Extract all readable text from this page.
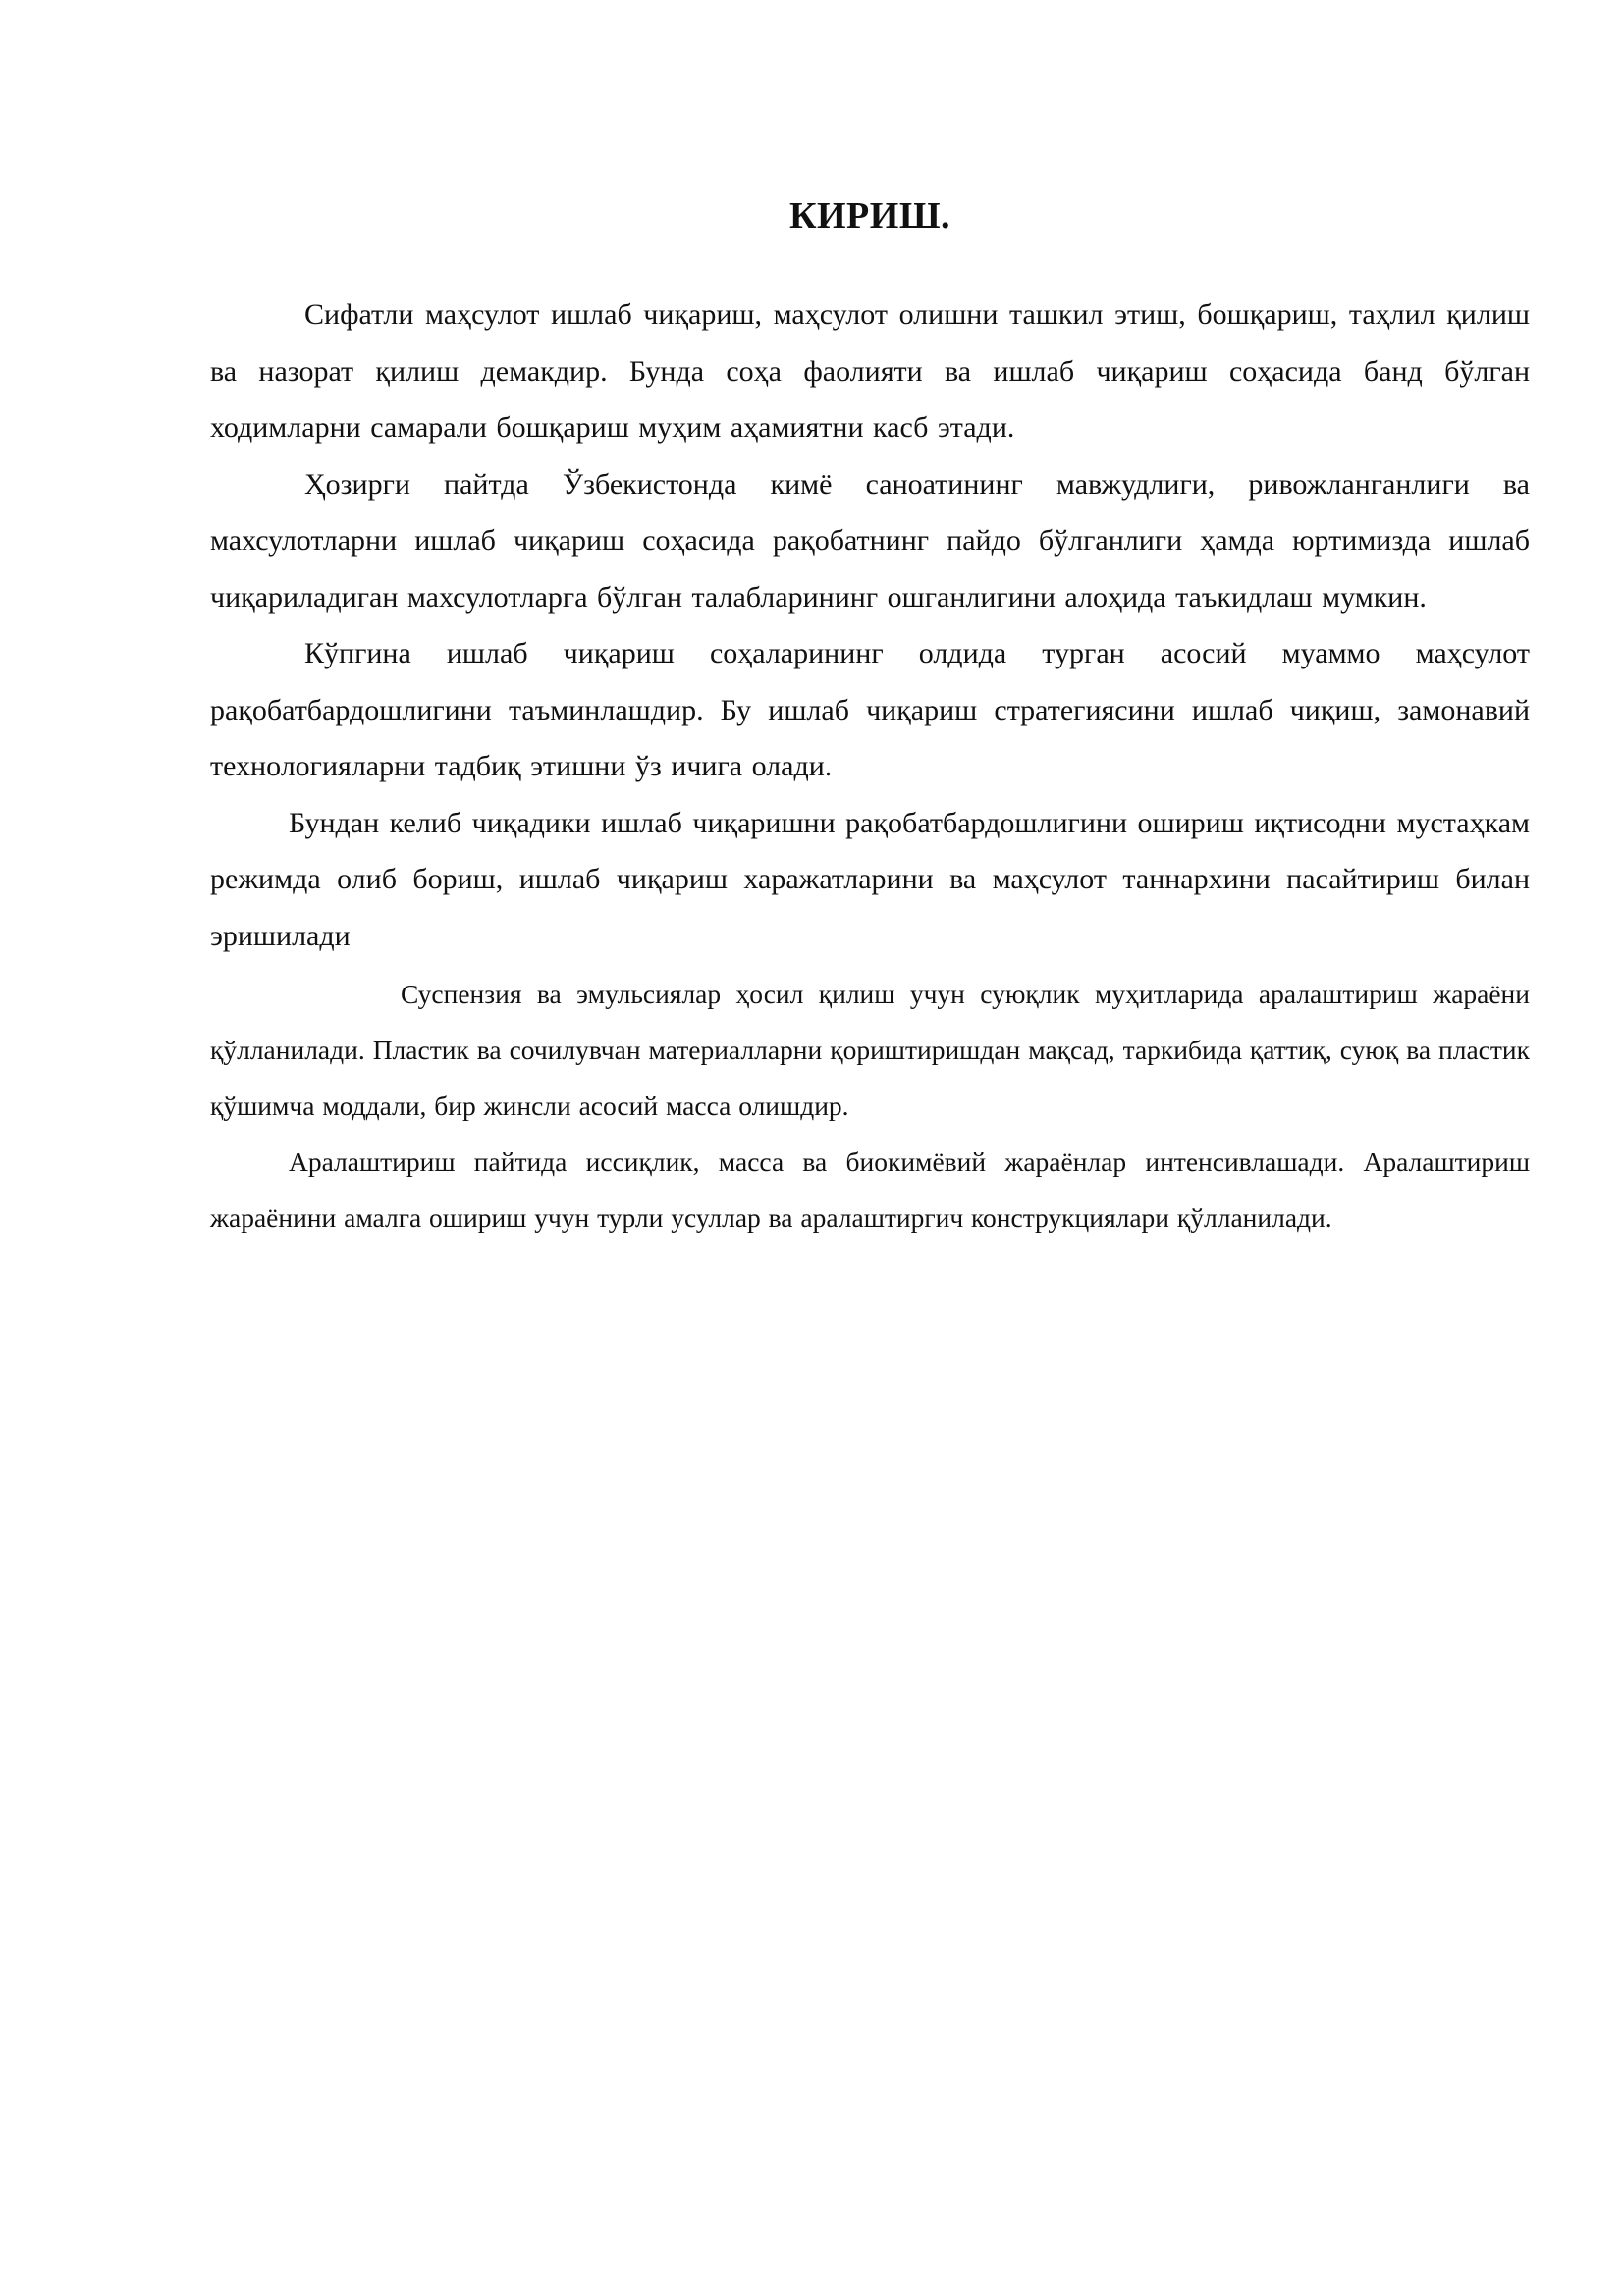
КИРИШ.

Сифатли маҳсулот ишлаб чиқариш, маҳсулот олишни ташкил этиш, бошқариш, таҳлил қилиш ва назорат қилиш демакдир. Бунда соҳа фаолияти ва ишлаб чиқариш соҳасида банд бўлган ходимларни самарали бошқариш муҳим аҳамиятни касб этади.

Ҳозирги пайтда Ўзбекистонда кимё саноатининг мавжудлиги, ривожланганлиги ва махсулотларни ишлаб чиқариш соҳасида рақобатнинг пайдо бўлганлиги ҳамда юртимизда ишлаб чиқариладиган махсулотларга бўлган талабларининг ошганлигини алоҳида таъкидлаш мумкин.

Кўпгина ишлаб чиқариш соҳаларининг олдида турган асосий муаммо маҳсулот рақобатбардошлигини таъминлашдир. Бу ишлаб чиқариш стратегиясини ишлаб чиқиш, замонавий технологияларни тадбиқ этишни ўз ичига олади.

Бундан келиб чиқадики ишлаб чиқаришни рақобатбардошлигини ошириш иқтисодни мустаҳкам режимда олиб бориш, ишлаб чиқариш харажатларини ва маҳсулот таннархини пасайтириш билан эришилади

Суспензия ва эмульсиялар ҳосил қилиш учун суюқлик муҳитларида аралаштириш жараёни қўлланилади. Пластик ва сочилувчан материалларни қориштиришдан мақсад, таркибида қаттиқ, суюқ ва пластик қўшимча моддали, бир жинсли асосий масса олишдир.

Аралаштириш пайтида иссиқлик, масса ва биокимёвий жараёнлар интенсивлашади. Аралаштириш жараёнини амалга ошириш учун турли усуллар ва аралаштиргич конструкциялари қўлланилади.
